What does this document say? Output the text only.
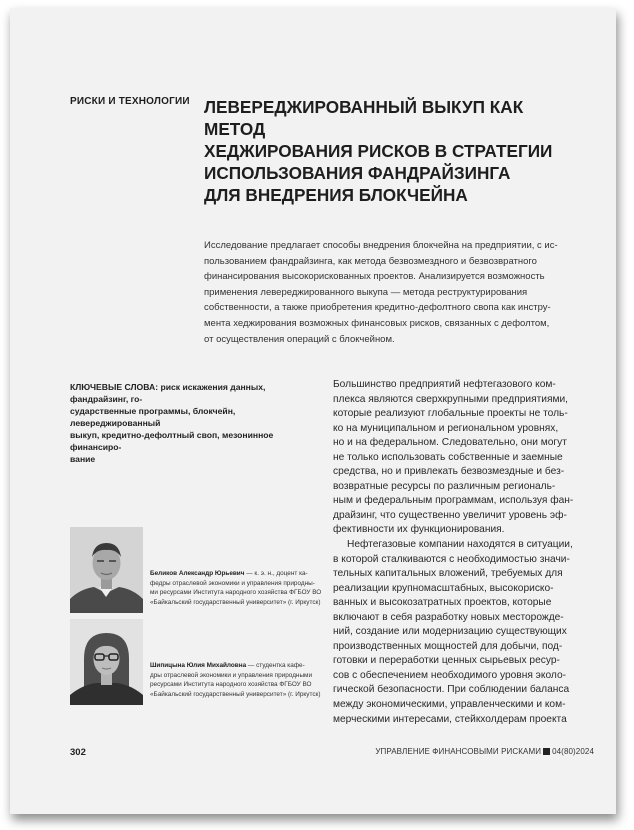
РИСКИ И ТЕХНОЛОГИИ ЛЕВЕРЕДЖИРОВАННЫЙ ВЫКУП КАК МЕТОД
ХЕДЖИРОВАНИЯ РИСКОВ В СТРАТЕГИИ
ИСПОЛЬЗОВАНИЯ ФАНДРАЙЗИНГА
ДЛЯ ВНЕДРЕНИЯ БЛОКЧЕЙНА
Исследование предлагает способы внедрения блокчейна на предприятии, с ис-
пользованием фандрайзинга, как метода безвозмездного и безвозвратного
финансирования высокорискованных проектов. Анализируется возможность
применения левереджированного выкупа — метода реструктурирования
собственности, а также приобретения кредитно-дефолтного свопа как инстру-
мента хеджирования возможных финансовых рисков, связанных с дефолтом,
от осуществления операций с блокчейном.
КЛЮЧЕВЫЕ СЛОВА: риск искажения данных, фандрайзинг, го-
сударственные программы, блокчейн, левереджированный
выкуп, кредитно-дефолтный своп, мезонинное финансиро-
вание

Большинство предприятий нефтегазового ком-

плекса являются сверхкрупными предприятиями,

которые реализуют глобальные проекты не толь-

ко на муниципальном и региональном уровнях,

но и на федеральном. Следовательно, они могут

не только использовать собственные и заемные

средства, но и привлекать безвозмездные и без-

возвратные ресурсы по различным региональ-

ным и федеральным программам, используя фан-

драйзинг, что существенно увеличит уровень эф-

фективности их функционирования.

Нефтегазовые компании находятся в ситуации,

в которой сталкиваются с необходимостью значи-

тельных капитальных вложений, требуемых для

реализации крупномасштабных, высокориско-

ванных и высокозатратных проектов, которые

включают в себя разработку новых месторожде-

ний, создание или модернизацию существующих

производственных мощностей для добычи, под-

готовки и переработки ценных сырьевых ресур-

сов с обеспечением необходимого уровня эколо-

гической безопасности. При соблюдении баланса

между экономическими, управленческими и ком-

мерческими интересами, стейкхолдерам проекта

Беликов Александр Юрьевич — к. э. н., доцент ка-
федры отраслевой экономики и управления природны-
ми ресурсами Института народного хозяйства ФГБОУ ВО
«Байкальский государственный университет» (г. Иркутск)
Шипицына Юлия Михайловна — студентка кафе-
дры отраслевой экономики и управления природными
ресурсами Института народного хозяйства ФГБОУ ВО
«Байкальский государственный университет» (г. Иркутск)
302	УПРАВЛЕНИЕ ФИНАНСОВЫМИ РИСКАМИ 04(80)2024
